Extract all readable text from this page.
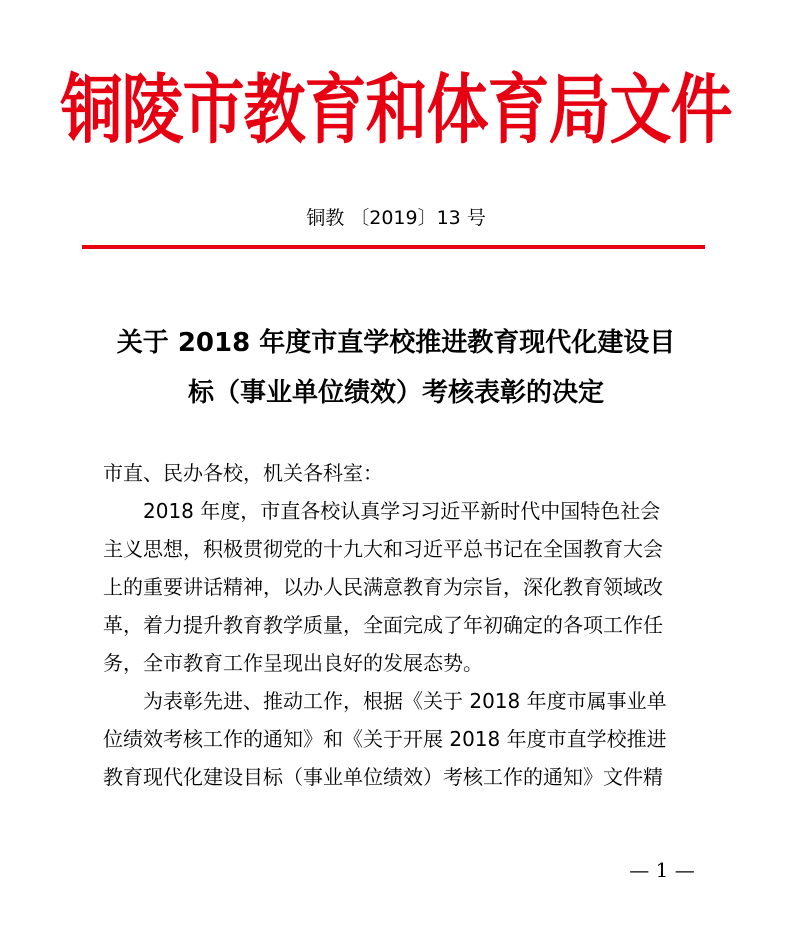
铜陵市教育和体育局文件
铜教 〔2019〕13 号
关于 2018 年度市直学校推进教育现代化建设目
标（事业单位绩效）考核表彰的决定
市直、民办各校，机关各科室：
2018 年度，市直各校认真学习习近平新时代中国特色社会
主义思想，积极贯彻党的十九大和习近平总书记在全国教育大会
上的重要讲话精神，以办人民满意教育为宗旨，深化教育领域改
革，着力提升教育教学质量，全面完成了年初确定的各项工作任
务，全市教育工作呈现出良好的发展态势。
为表彰先进、推动工作，根据《关于 2018 年度市属事业单
位绩效考核工作的通知》和《关于开展 2018 年度市直学校推进
教育现代化建设目标（事业单位绩效）考核工作的通知》文件精
— 1 —
